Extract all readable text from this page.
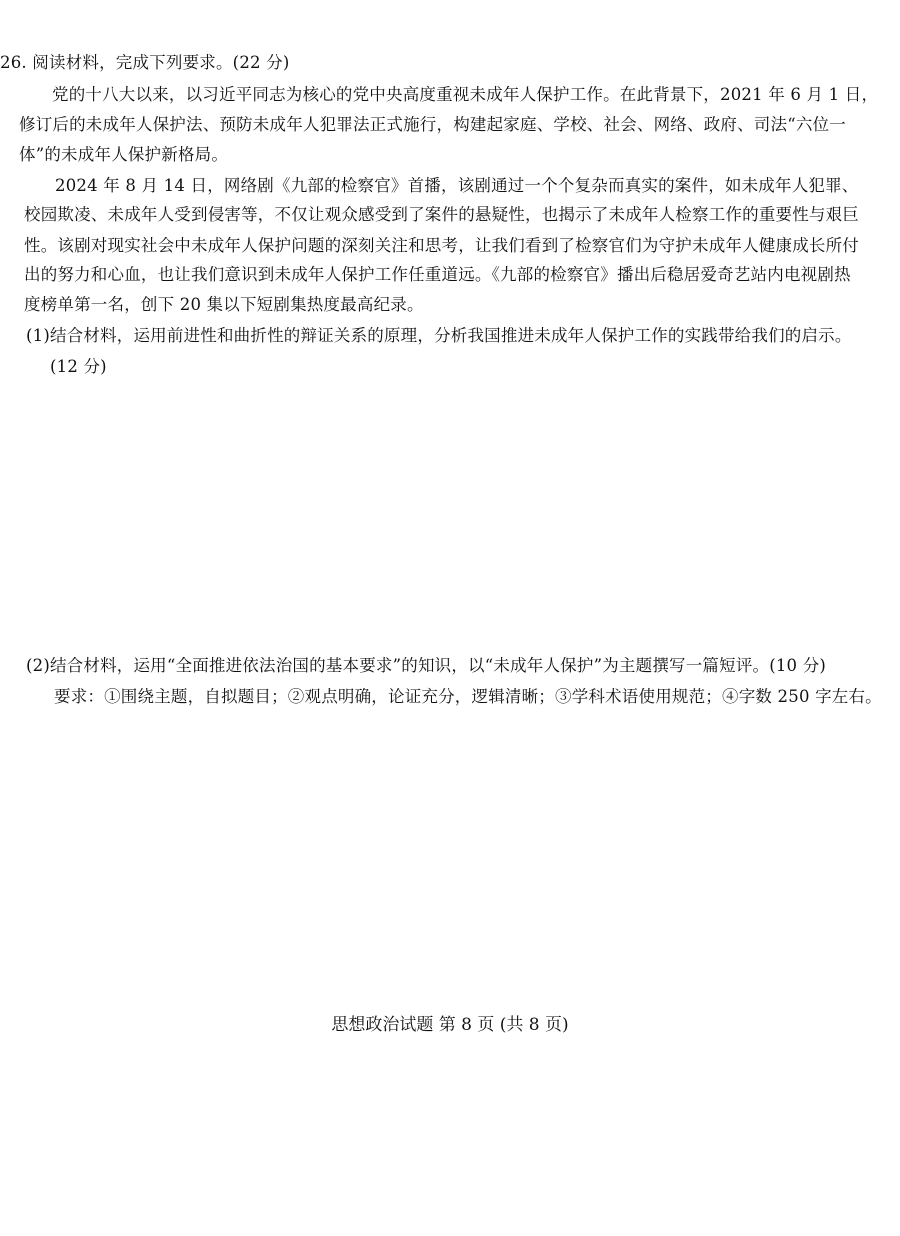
26. 阅读材料，完成下列要求。(22 分)
党的十八大以来，以习近平同志为核心的党中央高度重视未成年人保护工作。在此背景下，2021 年 6 月 1 日，
修订后的未成年人保护法、预防未成年人犯罪法正式施行，构建起家庭、学校、社会、网络、政府、司法“六位一
体”的未成年人保护新格局。
2024 年 8 月 14 日，网络剧《九部的检察官》首播，该剧通过一个个复杂而真实的案件，如未成年人犯罪、
校园欺凌、未成年人受到侵害等，不仅让观众感受到了案件的悬疑性，也揭示了未成年人检察工作的重要性与艰巨
性。该剧对现实社会中未成年人保护问题的深刻关注和思考，让我们看到了检察官们为守护未成年人健康成长所付
出的努力和心血，也让我们意识到未成年人保护工作任重道远。《九部的检察官》播出后稳居爱奇艺站内电视剧热
度榜单第一名，创下 20 集以下短剧集热度最高纪录。
(1)结合材料，运用前进性和曲折性的辩证关系的原理，分析我国推进未成年人保护工作的实践带给我们的启示。
(12 分)
(2)结合材料，运用“全面推进依法治国的基本要求”的知识，以“未成年人保护”为主题撰写一篇短评。(10 分)
要求：①围绕主题，自拟题目；②观点明确，论证充分，逻辑清晰；③学科术语使用规范；④字数 250 字左右。
思想政治试题 第 8 页 (共 8 页)
